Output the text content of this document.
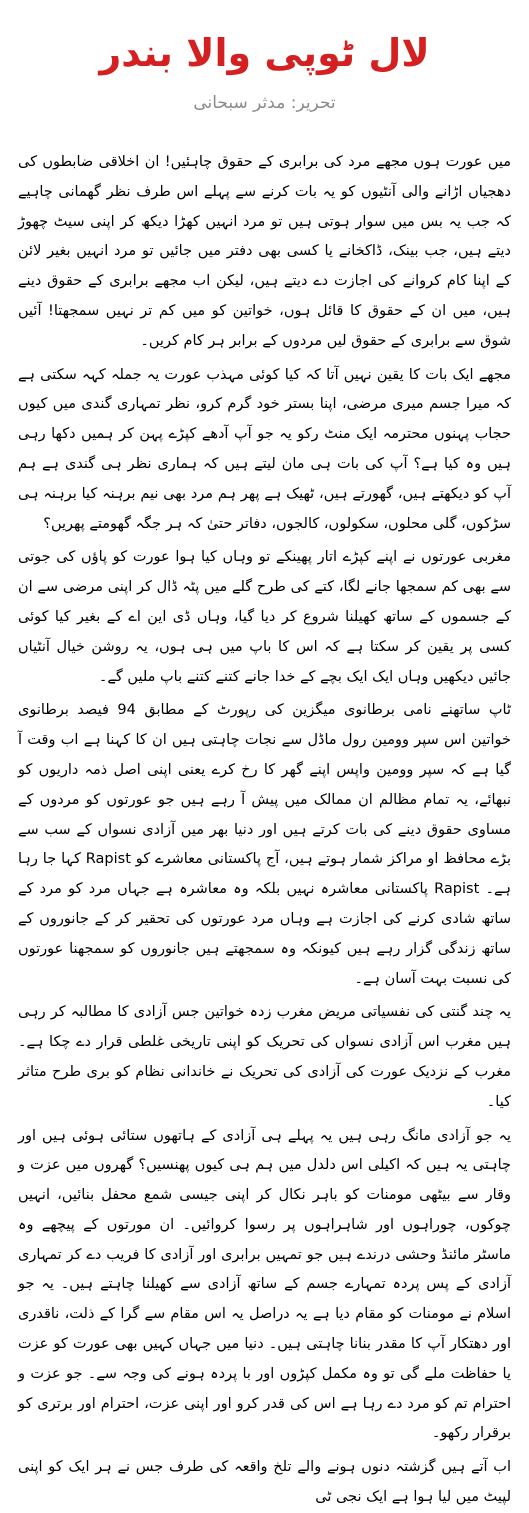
لال ٹوپی والا بندر
تحریر: مدثر سبحانی

میں عورت ہوں مجھے مرد کی برابری کے حقوق چاہئیں! ان اخلاقی ضابطوں کی دھجیاں اڑانے والی آنٹیوں کو یہ بات کرنے سے پہلے اس طرف نظر گھمانی چاہیے کہ جب یہ بس میں سوار ہوتی ہیں تو مرد انہیں کھڑا دیکھ کر اپنی سیٹ چھوڑ دیتے ہیں، جب بینک، ڈاکخانے یا کسی بھی دفتر میں جائیں تو مرد انہیں بغیر لائن کے اپنا کام کروانے کی اجازت دے دیتے ہیں، لیکن اب مجھے برابری کے حقوق دینے ہیں، میں ان کے حقوق کا قائل ہوں، خواتین کو میں کم تر نہیں سمجھتا! آئیں شوق سے برابری کے حقوق لیں مردوں کے برابر ہر کام کریں۔

مجھے ایک بات کا یقین نہیں آتا کہ کیا کوئی مہذب عورت یہ جملہ کہہ سکتی ہے کہ میرا جسم میری مرضی، اپنا بستر خود گرم کرو، نظر تمہاری گندی میں کیوں حجاب پہنوں محترمہ ایک منٹ رکو یہ جو آپ آدھے کپڑے پہن کر ہمیں دکھا رہی ہیں وہ کیا ہے؟ آپ کی بات ہی مان لیتے ہیں کہ ہماری نظر ہی گندی ہے ہم آپ کو دیکھتے ہیں، گھورتے ہیں، ٹھیک ہے پھر ہم مرد بھی نیم برہنہ کیا برہنہ ہی سڑکوں، گلی محلوں، سکولوں، کالجوں، دفاتر حتیٰ کہ ہر جگہ گھومتے پھریں؟

مغربی عورتوں نے اپنے کپڑے اتار پھینکے تو وہاں کیا ہوا عورت کو پاؤں کی جوتی سے بھی کم سمجھا جانے لگا، کتے کی طرح گلے میں پٹہ ڈال کر اپنی مرضی سے ان کے جسموں کے ساتھ کھیلنا شروع کر دیا گیا، وہاں ڈی این اے کے بغیر کیا کوئی کسی پر یقین کر سکتا ہے کہ اس کا باپ میں ہی ہوں، یہ روشن خیال آنٹیاں جائیں دیکھیں وہاں ایک ایک بچے کے خدا جانے کتنے کتنے باپ ملیں گے۔

ٹاپ ساتھنے نامی برطانوی میگزین کی رپورٹ کے مطابق 94 فیصد برطانوی خواتین اس سپر وومین رول ماڈل سے نجات چاہتی ہیں ان کا کہنا ہے اب وقت آ گیا ہے کہ سپر وومین واپس اپنے گھر کا رخ کرے یعنی اپنی اصل ذمہ داریوں کو نبھائے، یہ تمام مظالم ان ممالک میں پیش آ رہے ہیں جو عورتوں کو مردوں کے مساوی حقوق دینے کی بات کرتے ہیں اور دنیا بھر میں آزادی نسواں کے سب سے بڑے محافظ او مراکز شمار ہوتے ہیں، آج پاکستانی معاشرے کو Rapist کہا جا رہا ہے۔ Rapist پاکستانی معاشرہ نہیں بلکہ وہ معاشرہ ہے جہاں مرد کو مرد کے ساتھ شادی کرنے کی اجازت ہے وہاں مرد عورتوں کی تحقیر کر کے جانوروں کے ساتھ زندگی گزار رہے ہیں کیونکہ وہ سمجھتے ہیں جانوروں کو سمجھنا عورتوں کی نسبت بہت آسان ہے۔

یہ چند گنتی کی نفسیاتی مریض مغرب زدہ خواتین جس آزادی کا مطالبہ کر رہی ہیں مغرب اس آزادی نسواں کی تحریک کو اپنی تاریخی غلطی قرار دے چکا ہے۔ مغرب کے نزدیک عورت کی آزادی کی تحریک نے خاندانی نظام کو بری طرح متاثر کیا۔

یہ جو آزادی مانگ رہی ہیں یہ پہلے ہی آزادی کے ہاتھوں ستائی ہوئی ہیں اور چاہتی یہ ہیں کہ اکیلی اس دلدل میں ہم ہی کیوں پھنسیں؟ گھروں میں عزت و وقار سے بیٹھی مومنات کو باہر نکال کر اپنی جیسی شمع محفل بنائیں، انہیں چوکوں، چوراہوں اور شاہراہوں پر رسوا کروائیں۔ ان مورتوں کے پیچھے وہ ماسٹر مائنڈ وحشی درندے ہیں جو تمہیں برابری اور آزادی کا فریب دے کر تمہاری آزادی کے پس پردہ تمہارے جسم کے ساتھ آزادی سے کھیلنا چاہتے ہیں۔ یہ جو اسلام نے مومنات کو مقام دیا ہے یہ دراصل یہ اس مقام سے گرا کے ذلت، ناقدری اور دھتکار آپ کا مقدر بنانا چاہتی ہیں۔ دنیا میں جہاں کہیں بھی عورت کو عزت یا حفاظت ملے گی تو وہ مکمل کپڑوں اور با پردہ ہونے کی وجہ سے۔ جو عزت و احترام تم کو مرد دے رہا ہے اس کی قدر کرو اور اپنی عزت، احترام اور برتری کو برقرار رکھو۔

اب آتے ہیں گزشتہ دنوں ہونے والے تلخ واقعہ کی طرف جس نے ہر ایک کو اپنی لپیٹ میں لیا ہوا ہے ایک نجی ٹی
